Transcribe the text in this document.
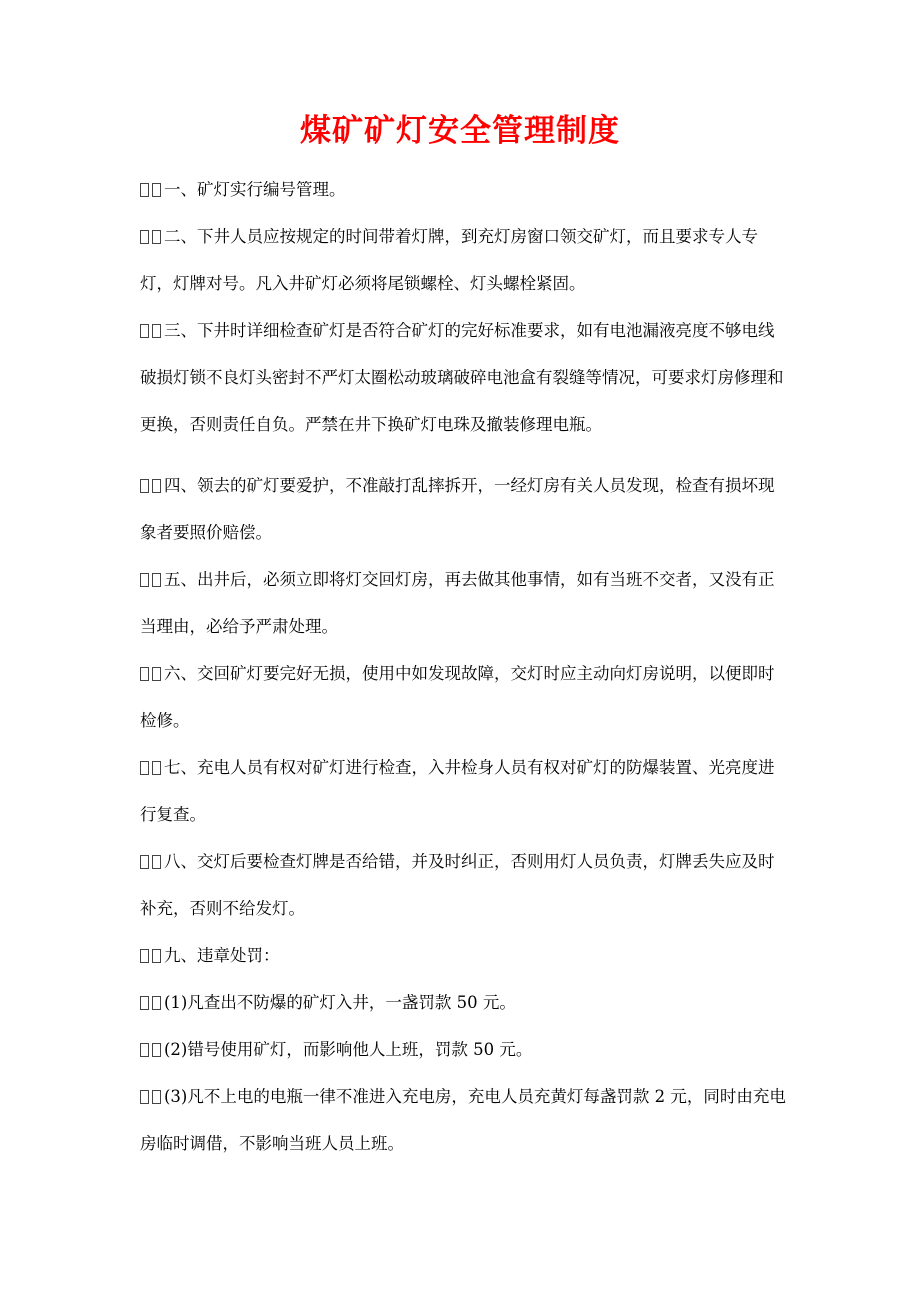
煤矿矿灯安全管理制度

一、矿灯实行编号管理。

二、下井人员应按规定的时间带着灯牌，到充灯房窗口领交矿灯，而且要求专人专灯，灯牌对号。凡入井矿灯必须将尾锁螺栓、灯头螺栓紧固。

三、下井时详细检查矿灯是否符合矿灯的完好标准要求，如有电池漏液亮度不够电线破损灯锁不良灯头密封不严灯太圈松动玻璃破碎电池盒有裂缝等情况，可要求灯房修理和更换，否则责任自负。严禁在井下换矿灯电珠及撤装修理电瓶。

四、领去的矿灯要爱护，不准敲打乱摔拆开，一经灯房有关人员发现，检查有损坏现象者要照价赔偿。

五、出井后，必须立即将灯交回灯房，再去做其他事情，如有当班不交者，又没有正当理由，必给予严肃处理。

六、交回矿灯要完好无损，使用中如发现故障，交灯时应主动向灯房说明，以便即时检修。

七、充电人员有权对矿灯进行检查，入井检身人员有权对矿灯的防爆装置、光亮度进行复查。

八、交灯后要检查灯牌是否给错，并及时纠正，否则用灯人员负责，灯牌丢失应及时补充，否则不给发灯。

九、违章处罚：

(1)凡查出不防爆的矿灯入井，一盏罚款 50 元。

(2)错号使用矿灯，而影响他人上班，罚款 50 元。

(3)凡不上电的电瓶一律不准进入充电房，充电人员充黄灯每盏罚款 2 元，同时由充电房临时调借，不影响当班人员上班。
